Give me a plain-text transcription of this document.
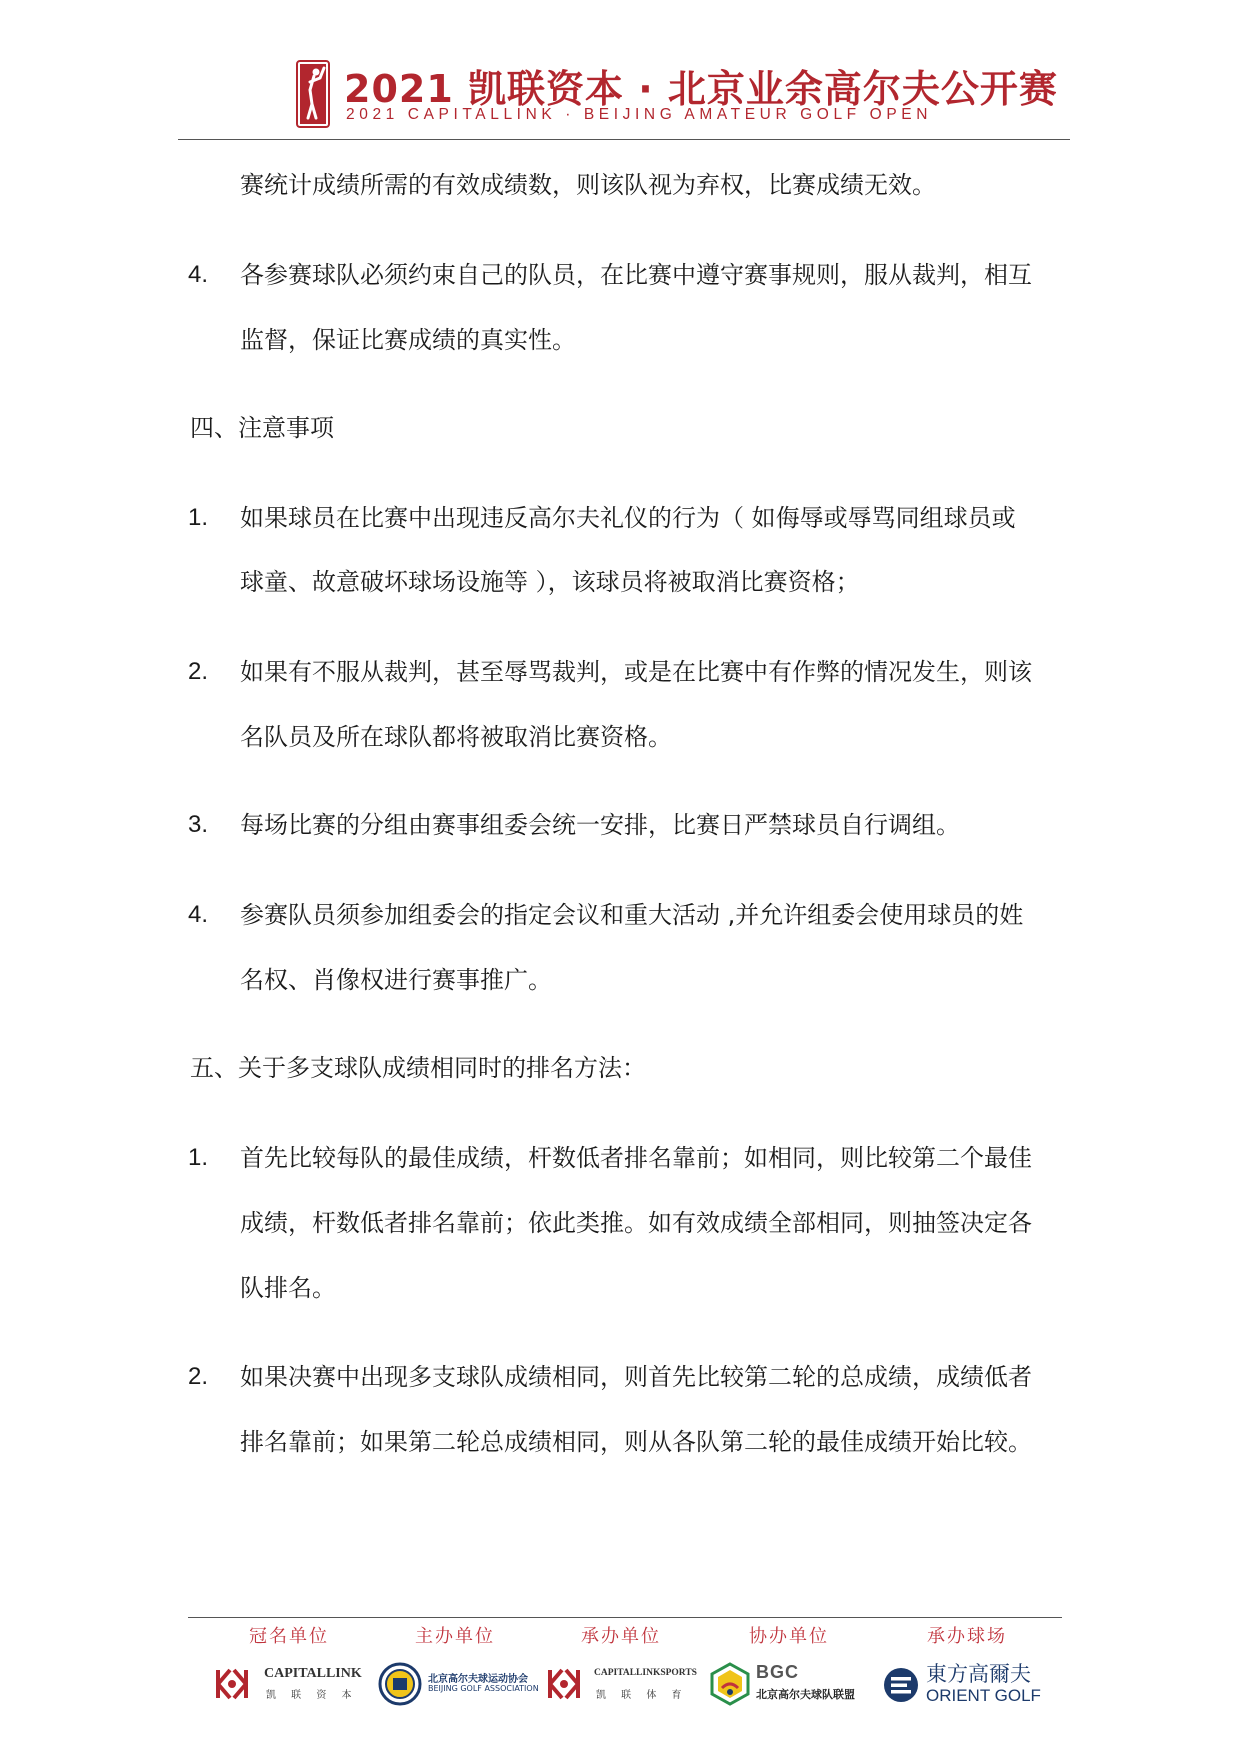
2021 凯联资本 · 北京业余高尔夫公开赛
2021 CAPITALLINK · BEIJING AMATEUR GOLF OPEN
赛统计成绩所需的有效成绩数，则该队视为弃权，比赛成绩无效。
4. 各参赛球队必须约束自己的队员，在比赛中遵守赛事规则，服从裁判，相互
监督，保证比赛成绩的真实性。
四、注意事项
1. 如果球员在比赛中出现违反高尔夫礼仪的行为（ 如侮辱或辱骂同组球员或
球童、故意破坏球场设施等 ），该球员将被取消比赛资格；
2. 如果有不服从裁判，甚至辱骂裁判，或是在比赛中有作弊的情况发生，则该
名队员及所在球队都将被取消比赛资格。
3. 每场比赛的分组由赛事组委会统一安排，比赛日严禁球员自行调组。
4. 参赛队员须参加组委会的指定会议和重大活动 ,并允许组委会使用球员的姓
名权、肖像权进行赛事推广。
五、关于多支球队成绩相同时的排名方法：
1. 首先比较每队的最佳成绩，杆数低者排名靠前；如相同，则比较第二个最佳
成绩，杆数低者排名靠前；依此类推。如有效成绩全部相同，则抽签决定各
队排名。
2. 如果决赛中出现多支球队成绩相同，则首先比较第二轮的总成绩，成绩低者
排名靠前；如果第二轮总成绩相同，则从各队第二轮的最佳成绩开始比较。
冠名单位
CAPITALLINK
凯 联 资 本
主办单位
北京高尔夫球运动协会
BEIJING GOLF ASSOCIATION
承办单位
CAPITALLINKSPORTS
凯 联 体 育
协办单位
BGC
北京高尔夫球队联盟
承办球场
東方高爾夫
ORIENT GOLF
